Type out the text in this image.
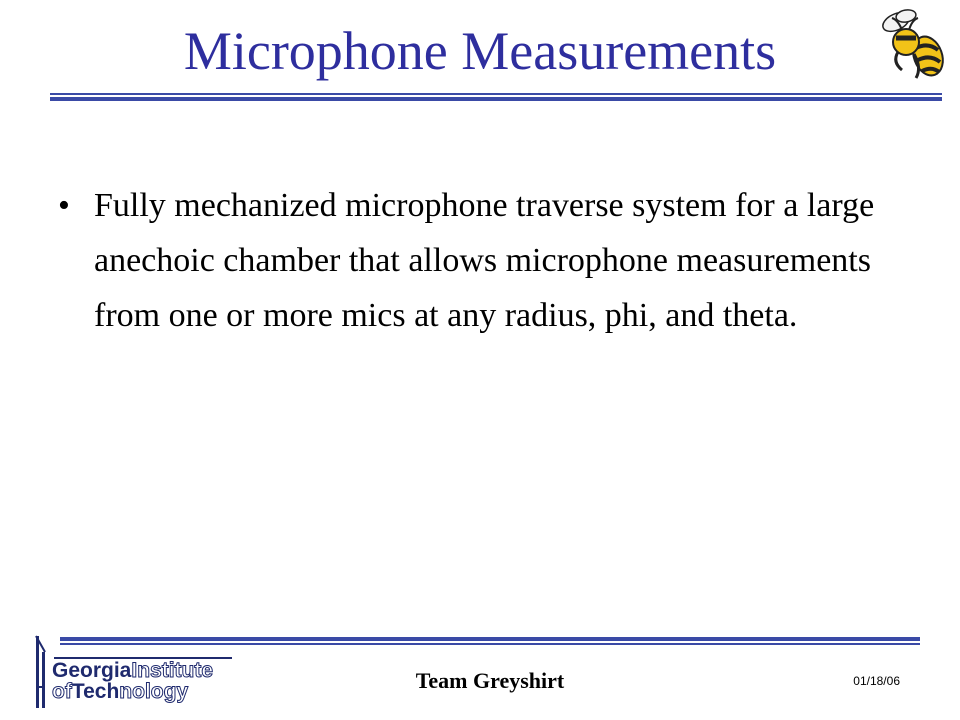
Microphone Measurements
• Fully mechanized microphone traverse system for a large anechoic chamber that allows microphone measurements from one or more mics at any radius, phi, and theta.
GeorgiaInstitute
ofTechnology	Team Greyshirt	01/18/06
